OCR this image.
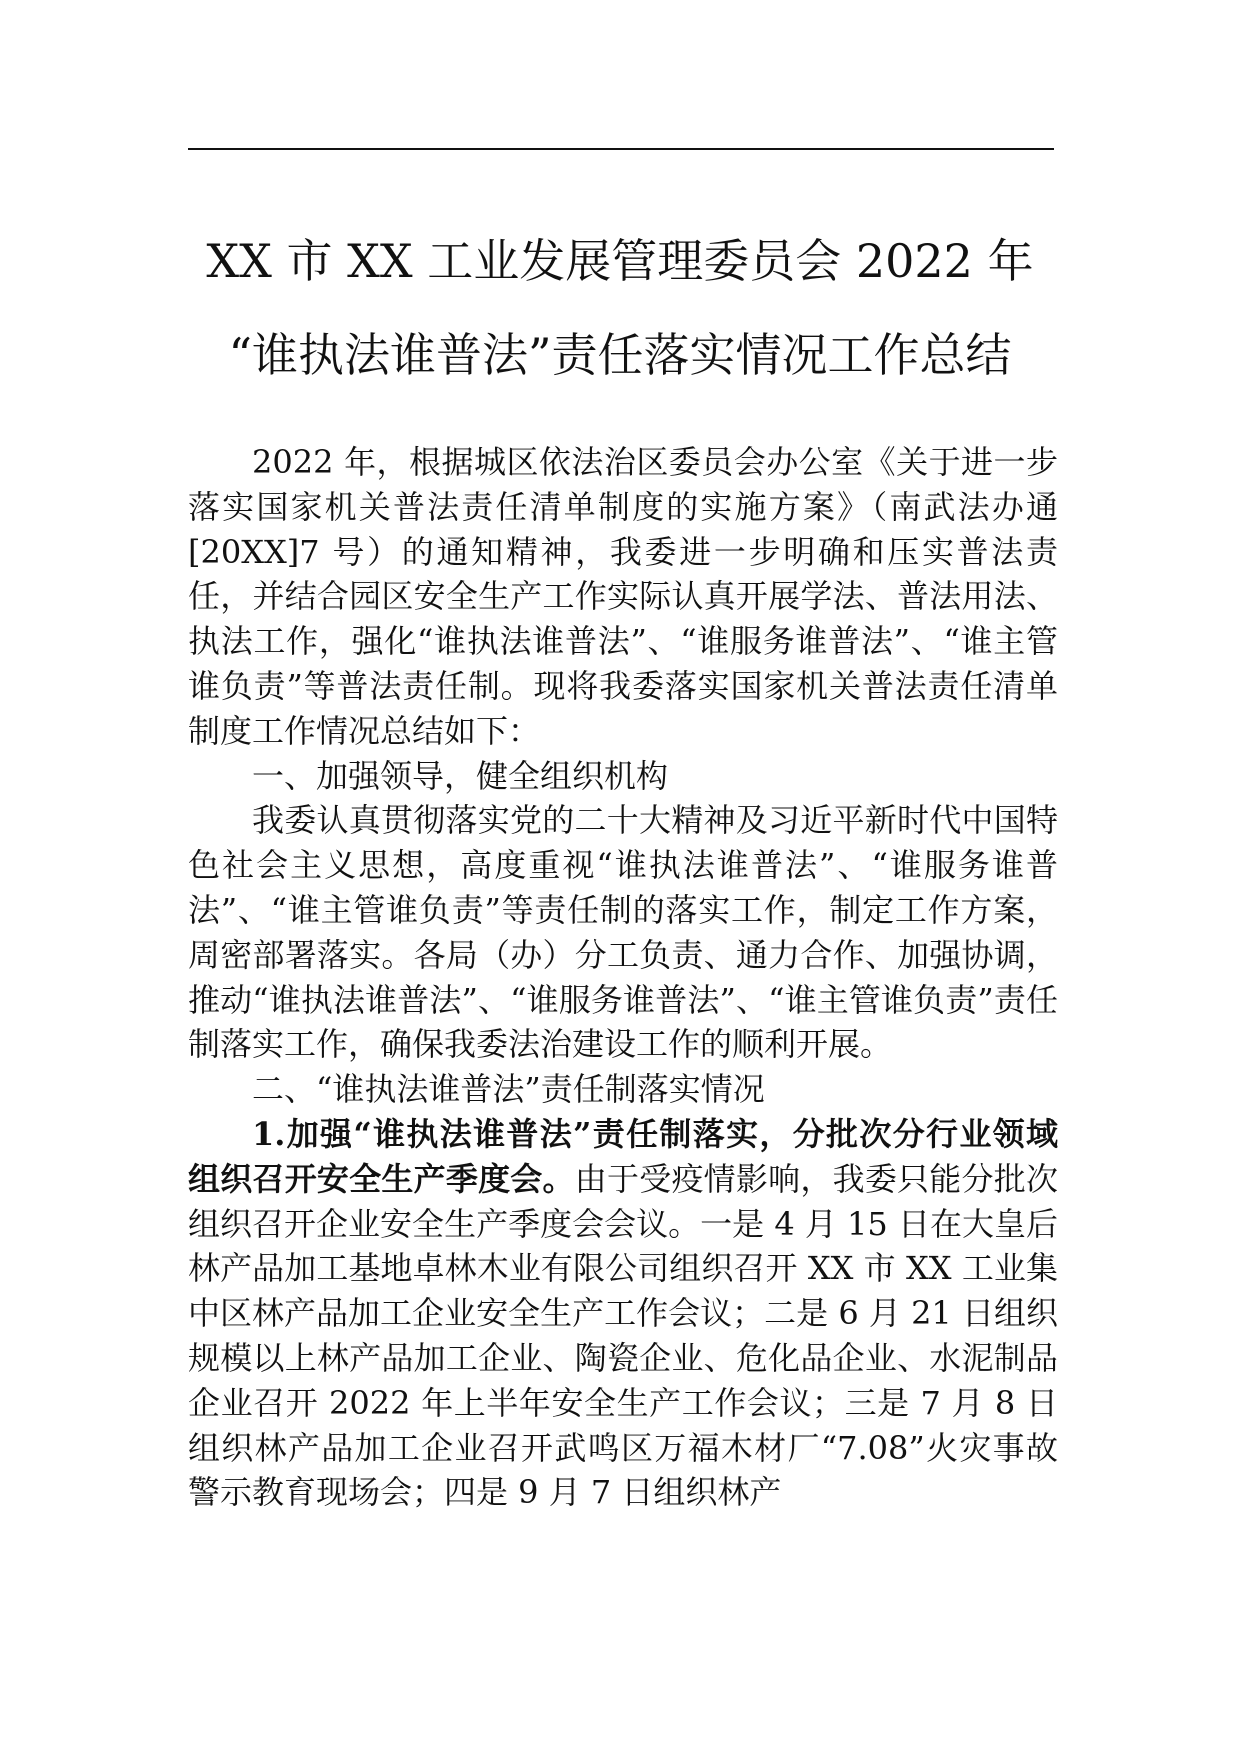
XX 市 XX 工业发展管理委员会 2022 年
“谁执法谁普法”责任落实情况工作总结

2022 年，根据城区依法治区委员会办公室《关于进一步落实国家机关普法责任清单制度的实施方案》（南武法办通[20XX]7 号）的通知精神，我委进一步明确和压实普法责任，并结合园区安全生产工作实际认真开展学法、普法用法、执法工作，强化“谁执法谁普法”、“谁服务谁普法”、“谁主管谁负责”等普法责任制。现将我委落实国家机关普法责任清单制度工作情况总结如下：

一、加强领导，健全组织机构

我委认真贯彻落实党的二十大精神及习近平新时代中国特色社会主义思想，高度重视“谁执法谁普法”、“谁服务谁普法”、“谁主管谁负责”等责任制的落实工作，制定工作方案，周密部署落实。各局（办）分工负责、通力合作、加强协调，推动“谁执法谁普法”、“谁服务谁普法”、“谁主管谁负责”责任制落实工作，确保我委法治建设工作的顺利开展。

二、“谁执法谁普法”责任制落实情况

1.加强“谁执法谁普法”责任制落实，分批次分行业领域组织召开安全生产季度会。由于受疫情影响，我委只能分批次组织召开企业安全生产季度会会议。一是 4 月 15 日在大皇后林产品加工基地卓林木业有限公司组织召开 XX 市 XX 工业集中区林产品加工企业安全生产工作会议；二是 6 月 21 日组织规模以上林产品加工企业、陶瓷企业、危化品企业、水泥制品企业召开 2022 年上半年安全生产工作会议；三是 7 月 8 日组织林产品加工企业召开武鸣区万福木材厂“7.08”火灾事故警示教育现场会；四是 9 月 7 日组织林产
